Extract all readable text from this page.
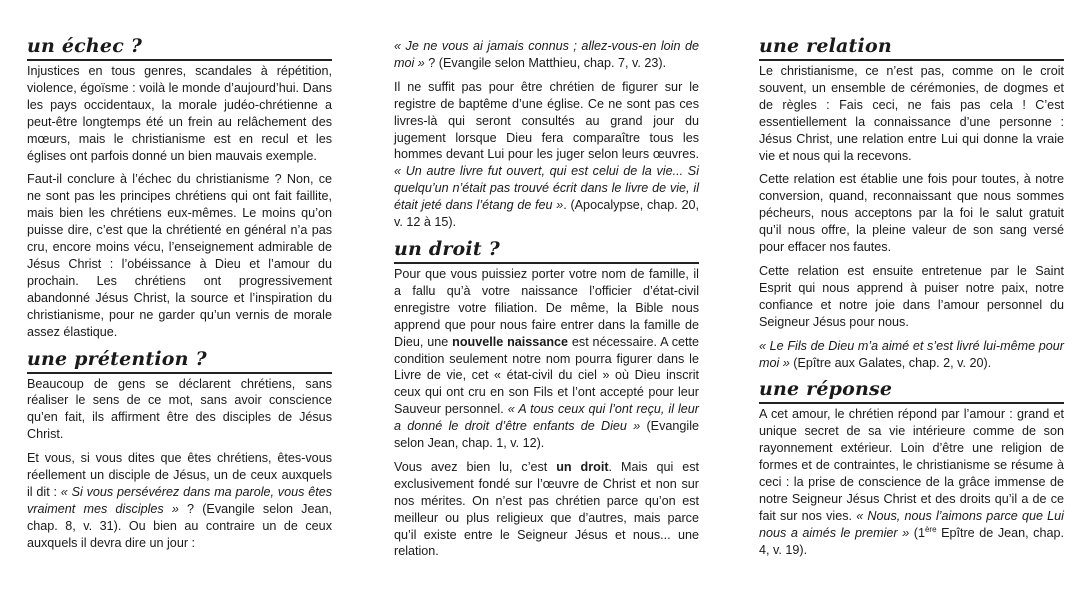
un échec ?

Injustices en tous genres, scandales à répétition, violence, égoïsme : voilà le monde d’aujourd’hui. Dans les pays occidentaux, la morale judéo-chrétienne a peut-être longtemps été un frein au relâchement des mœurs, mais le christianisme est en recul et les églises ont parfois donné un bien mauvais exemple.

Faut-il conclure à l’échec du christianisme ? Non, ce ne sont pas les principes chrétiens qui ont fait faillite, mais bien les chrétiens eux-mêmes. Le moins qu’on puisse dire, c’est que la chrétienté en général n’a pas cru, encore moins vécu, l’enseignement admirable de Jésus Christ : l’obéissance à Dieu et l’amour du prochain. Les chrétiens ont progressivement abandonné Jésus Christ, la source et l’inspiration du christianisme, pour ne garder qu’un vernis de morale assez élastique.

une prétention ?

Beaucoup de gens se déclarent chrétiens, sans réaliser le sens de ce mot, sans avoir conscience qu’en fait, ils affirment être des disciples de Jésus Christ.

Et vous, si vous dites que êtes chrétiens, êtes-vous réellement un disciple de Jésus, un de ceux auxquels il dit : « Si vous persévérez dans ma parole, vous êtes vraiment mes disciples » ? (Evangile selon Jean, chap. 8, v. 31). Ou bien au contraire un de ceux auxquels il devra dire un jour :

« Je ne vous ai jamais connus ; allez-vous-en loin de moi » ? (Evangile selon Matthieu, chap. 7, v. 23).

Il ne suffit pas pour être chrétien de figurer sur le registre de baptême d’une église. Ce ne sont pas ces livres-là qui seront consultés au grand jour du jugement lorsque Dieu fera comparaître tous les hommes devant Lui pour les juger selon leurs œuvres. « Un autre livre fut ouvert, qui est celui de la vie... Si quelqu’un n’était pas trouvé écrit dans le livre de vie, il était jeté dans l’étang de feu ». (Apocalypse, chap. 20, v. 12 à 15).

un droit ?

Pour que vous puissiez porter votre nom de famille, il a fallu qu’à votre naissance l’officier d’état-civil enregistre votre filiation. De même, la Bible nous apprend que pour nous faire entrer dans la famille de Dieu, une nouvelle naissance est nécessaire. A cette condition seulement notre nom pourra figurer dans le Livre de vie, cet « état-civil du ciel » où Dieu inscrit ceux qui ont cru en son Fils et l’ont accepté pour leur Sauveur personnel. « A tous ceux qui l’ont reçu, il leur a donné le droit d’être enfants de Dieu » (Evangile selon Jean, chap. 1, v. 12).

Vous avez bien lu, c’est un droit. Mais qui est exclusivement fondé sur l’œuvre de Christ et non sur nos mérites. On n’est pas chrétien parce qu’on est meilleur ou plus religieux que d’autres, mais parce qu’il existe entre le Seigneur Jésus et nous... une relation.

une relation

Le christianisme, ce n’est pas, comme on le croit souvent, un ensemble de cérémonies, de dogmes et de règles : Fais ceci, ne fais pas cela ! C’est essentiellement la connaissance d’une personne : Jésus Christ, une relation entre Lui qui donne la vraie vie et nous qui la recevons.

Cette relation est établie une fois pour toutes, à notre conversion, quand, reconnaissant que nous sommes pécheurs, nous acceptons par la foi le salut gratuit qu’il nous offre, la pleine valeur de son sang versé pour effacer nos fautes.

Cette relation est ensuite entretenue par le Saint Esprit qui nous apprend à puiser notre paix, notre confiance et notre joie dans l’amour personnel du Seigneur Jésus pour nous.

« Le Fils de Dieu m’a aimé et s’est livré lui-même pour moi » (Epître aux Galates, chap. 2, v. 20).

une réponse

A cet amour, le chrétien répond par l’amour : grand et unique secret de sa vie intérieure comme de son rayonnement extérieur. Loin d’être une religion de formes et de contraintes, le christianisme se résume à ceci : la prise de conscience de la grâce immense de notre Seigneur Jésus Christ et des droits qu’il a de ce fait sur nos vies. « Nous, nous l’aimons parce que Lui nous a aimés le premier » (1ère Epître de Jean, chap. 4, v. 19).
